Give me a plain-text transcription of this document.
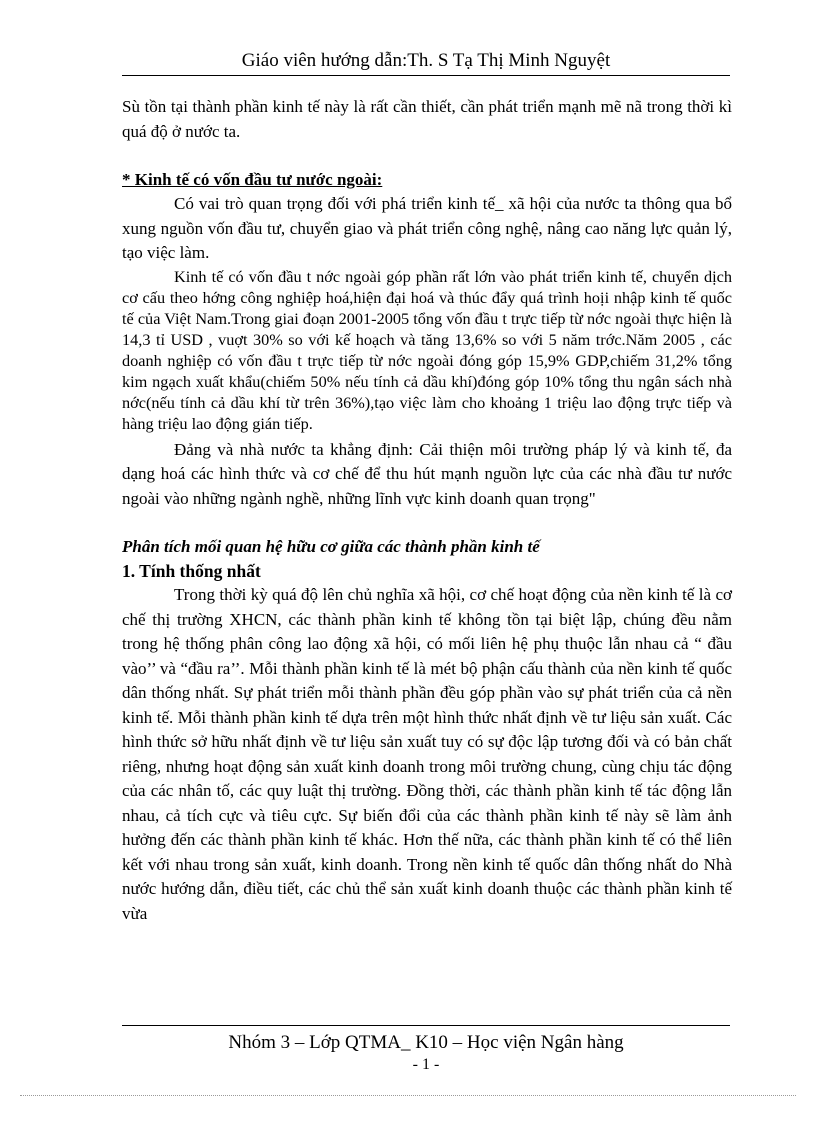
Giáo viên hướng dẫn:Th. S Tạ Thị Minh Nguyệt

Sù tồn tại thành phần kinh tế này là rất cần thiết, cần phát triển mạnh mẽ nã trong thời kì quá độ ở nước ta.

* Kinh tế có vốn đầu tư nước ngoài:

Có vai trò quan trọng đối với phá triển kinh tế_ xã hội của nước ta thông qua bổ xung nguồn vốn đầu tư, chuyển giao và phát triển công nghệ, nâng cao năng lực quản lý, tạo việc làm.

Kinh tế có vốn đầu t nớc ngoài góp phần rất lớn vào phát triển kinh tế, chuyển dịch cơ cấu theo hớng công nghiệp hoá,hiện đại hoá và thúc đẩy quá trình hoịi nhập kinh tế quốc tế của Việt Nam.Trong giai đoạn 2001-2005 tổng vốn đầu t trực tiếp từ nớc ngoài thực hiện là 14,3 tỉ USD , vuợt 30% so với kế hoạch và tăng 13,6% so với 5 năm trớc.Năm 2005 , các doanh nghiệp có vốn đầu t trực tiếp từ nớc ngoài đóng góp 15,9% GDP,chiếm 31,2% tổng kim ngạch xuất khẩu(chiếm 50% nếu tính cả dầu khí)đóng góp 10% tổng thu ngân sách nhà nớc(nếu tính cả dầu khí từ trên 36%),tạo việc làm cho khoảng 1 triệu lao động trực tiếp và hàng triệu lao động gián tiếp.

Đảng và nhà nước ta khẳng định: Cải thiện môi trường pháp lý và kinh tế, đa dạng hoá các hình thức và cơ chế để thu hút mạnh nguồn lực của các nhà đầu tư nước ngoài vào những ngành nghề, những lĩnh vực kinh doanh quan trọng"

Phân tích mối quan hệ hữu cơ giữa các thành phần kinh tế

1. Tính thống nhất

Trong thời kỳ quá độ lên chủ nghĩa xã hội, cơ chế hoạt động của nền kinh tế là cơ chế thị trường XHCN, các thành phần kinh tế không tồn tại biệt lập, chúng đều nằm trong hệ thống phân công lao động xã hội, có mối liên hệ phụ thuộc lẫn nhau cả “ đầu vào’’ và “đầu ra’’. Mỗi thành phần kinh tế là mét bộ phận cấu thành của nền kinh tế quốc dân thống nhất. Sự phát triển mỗi thành phần đều góp phần vào sự phát triển của cả nền kinh tế. Mỗi thành phần kinh tế dựa trên một hình thức nhất định về tư liệu sản xuất. Các hình thức sở hữu nhất định về tư liệu sản xuất tuy có sự độc lập tương đối và có bản chất riêng, nhưng hoạt động sản xuất kinh doanh trong môi trường chung, cùng chịu tác động của các nhân tố, các quy luật thị trường. Đồng thời, các thành phần kinh tế tác động lẫn nhau, cả tích cực và tiêu cực. Sự biến đổi của các thành phần kinh tế này sẽ làm ảnh hưởng đến các thành phần kinh tế khác. Hơn thế nữa, các thành phần kinh tế có thể liên kết với nhau trong sản xuất, kinh doanh. Trong nền kinh tế quốc dân thống nhất do Nhà nước hướng dẫn, điều tiết, các chủ thể sản xuất kinh doanh thuộc các thành phần kinh tế vừa

Nhóm 3 – Lớp QTMA_ K10 – Học viện Ngân hàng
- 1 -
